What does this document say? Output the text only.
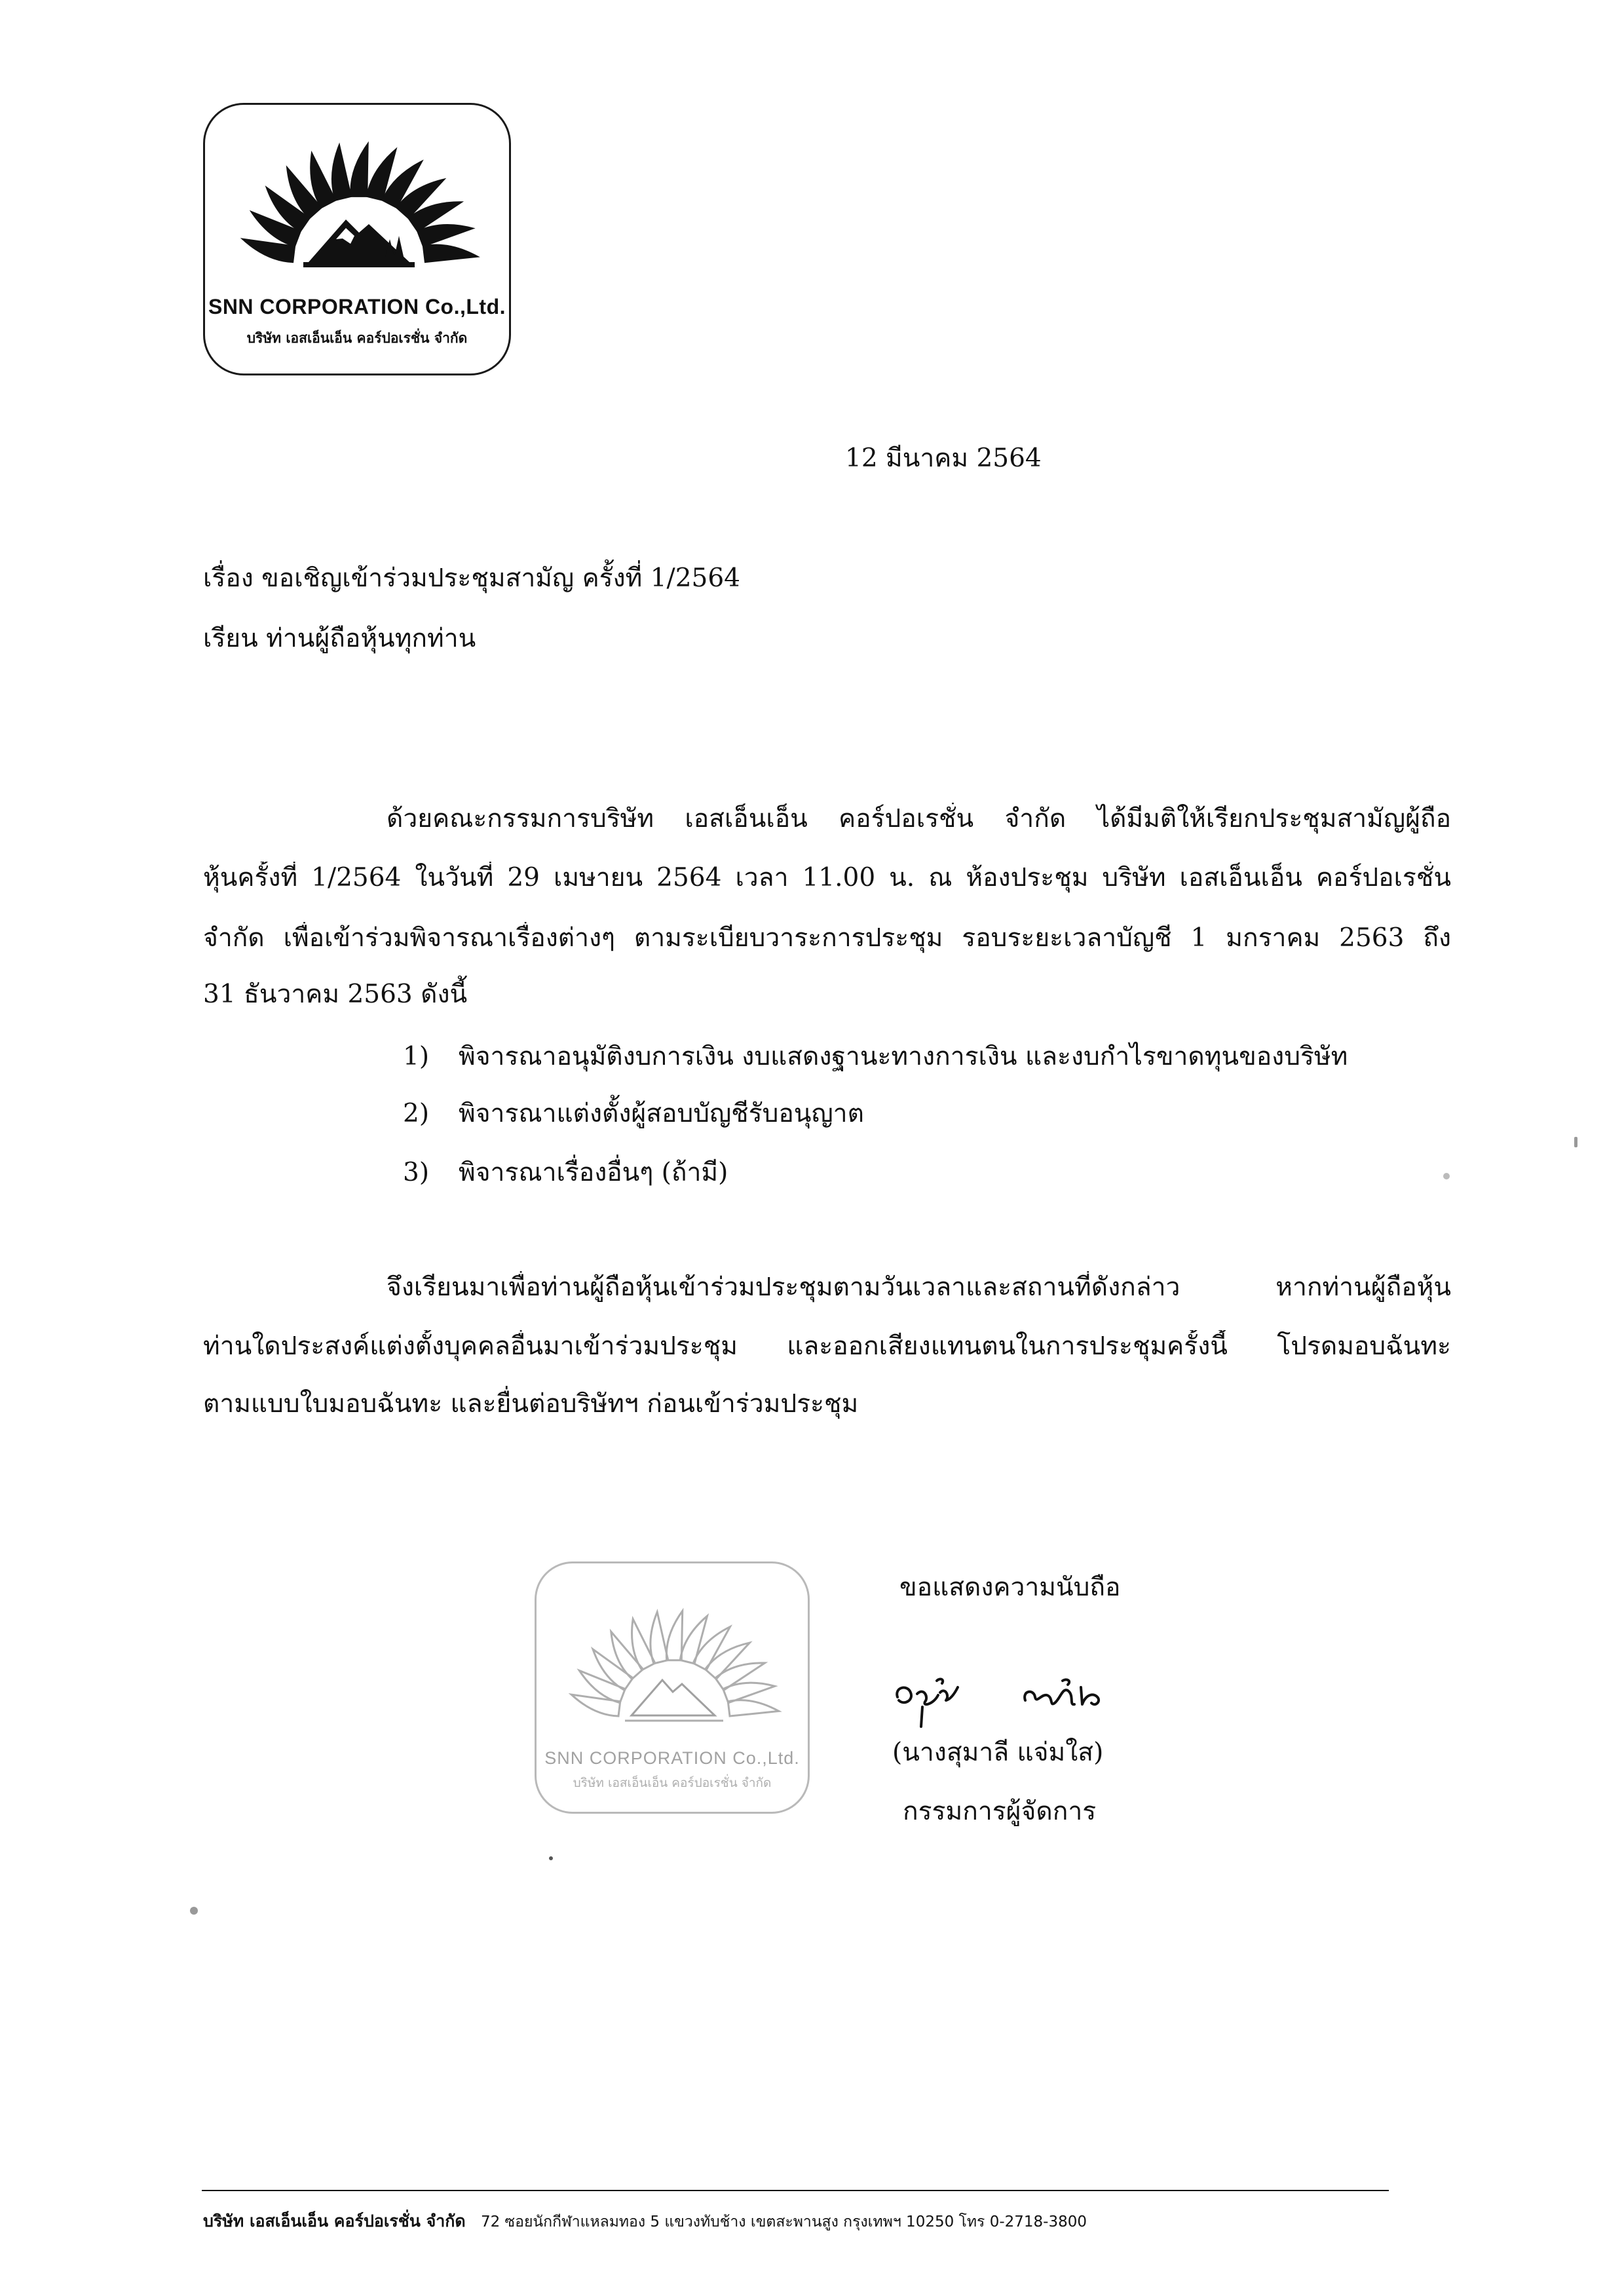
SNN CORPORATION Co.,Ltd.
บริษัท เอสเอ็นเอ็น คอร์ปอเรชั่น จำกัด
12 มีนาคม 2564
เรื่อง ขอเชิญเข้าร่วมประชุมสามัญ ครั้งที่ 1/2564
เรียน ท่านผู้ถือหุ้นทุกท่าน
ด้วยคณะกรรมการบริษัท เอสเอ็นเอ็น คอร์ปอเรชั่น จำกัด ได้มีมติให้เรียกประชุมสามัญผู้ถือ
หุ้นครั้งที่ 1/2564 ในวันที่ 29 เมษายน 2564 เวลา 11.00 น. ณ ห้องประชุม บริษัท เอสเอ็นเอ็น คอร์ปอเรชั่น
จำกัด เพื่อเข้าร่วมพิจารณาเรื่องต่างๆ ตามระเบียบวาระการประชุม รอบระยะเวลาบัญชี 1 มกราคม 2563 ถึง
31 ธันวาคม 2563 ดังนี้
1) พิจารณาอนุมัติงบการเงิน งบแสดงฐานะทางการเงิน และงบกำไรขาดทุนของบริษัท
2) พิจารณาแต่งตั้งผู้สอบบัญชีรับอนุญาต
3) พิจารณาเรื่องอื่นๆ (ถ้ามี)
จึงเรียนมาเพื่อท่านผู้ถือหุ้นเข้าร่วมประชุมตามวันเวลาและสถานที่ดังกล่าว หากท่านผู้ถือหุ้น
ท่านใดประสงค์แต่งตั้งบุคคลอื่นมาเข้าร่วมประชุม และออกเสียงแทนตนในการประชุมครั้งนี้ โปรดมอบฉันทะ
ตามแบบใบมอบฉันทะ และยื่นต่อบริษัทฯ ก่อนเข้าร่วมประชุม
SNN CORPORATION Co.,Ltd.
บริษัท เอสเอ็นเอ็น คอร์ปอเรชั่น จำกัด
ขอแสดงความนับถือ
(นางสุมาลี แจ่มใส)
กรรมการผู้จัดการ
บริษัท เอสเอ็นเอ็น คอร์ปอเรชั่น จำกัด 72 ซอยนักกีฬาแหลมทอง 5 แขวงทับช้าง เขตสะพานสูง กรุงเทพฯ 10250 โทร 0-2718-3800
